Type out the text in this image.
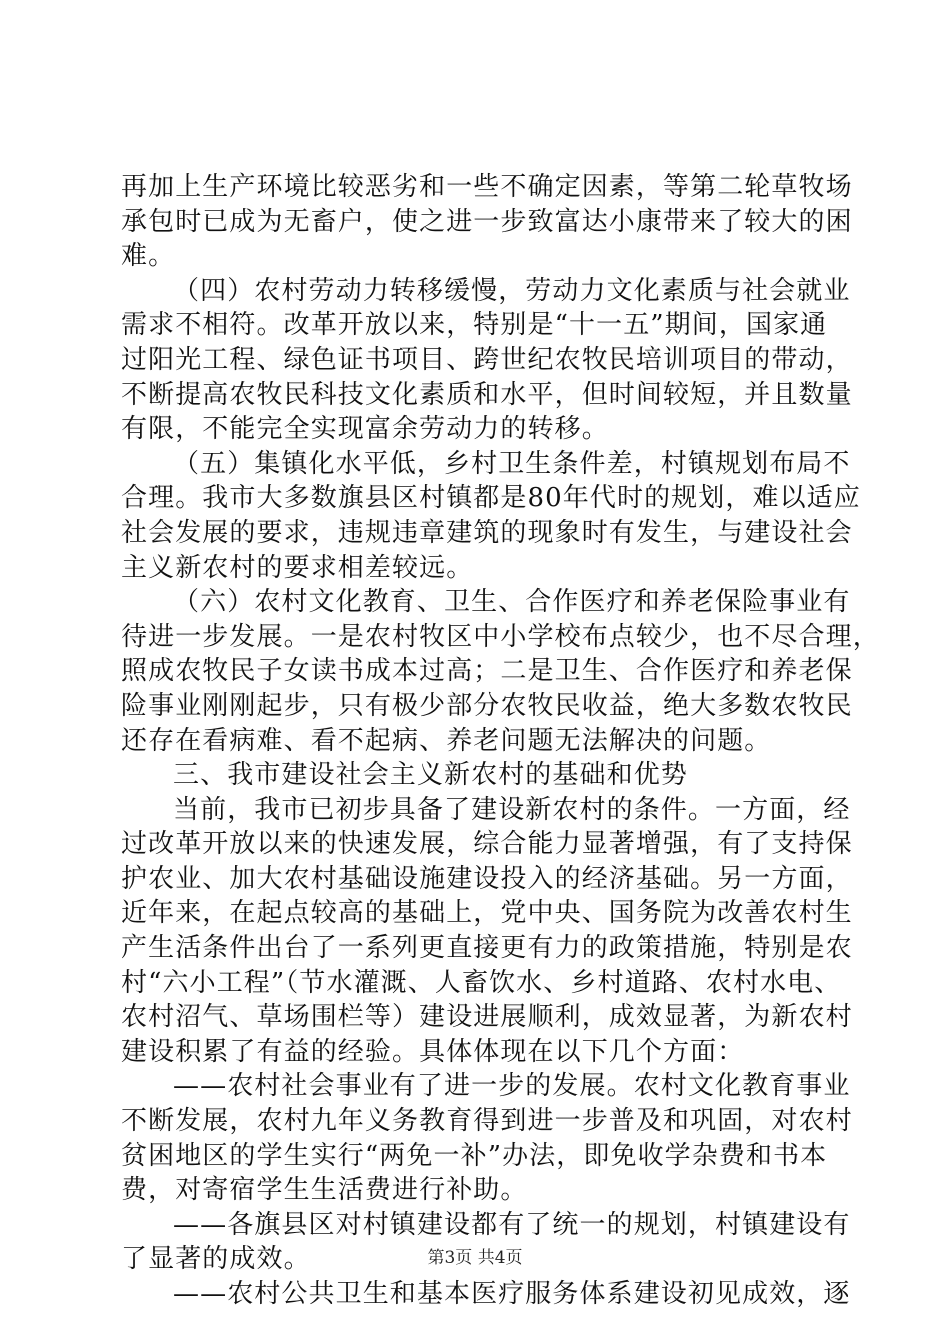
再加上生产环境比较恶劣和一些不确定因素，等第二轮草牧场
承包时已成为无畜户，使之进一步致富达小康带来了较大的困
难。
（四）农村劳动力转移缓慢，劳动力文化素质与社会就业
需求不相符。改革开放以来，特别是“十一五”期间，国家通
过阳光工程、绿色证书项目、跨世纪农牧民培训项目的带动，
不断提高农牧民科技文化素质和水平，但时间较短，并且数量
有限，不能完全实现富余劳动力的转移。
（五）集镇化水平低，乡村卫生条件差，村镇规划布局不
合理。我市大多数旗县区村镇都是80年代时的规划，难以适应
社会发展的要求，违规违章建筑的现象时有发生，与建设社会
主义新农村的要求相差较远。
（六）农村文化教育、卫生、合作医疗和养老保险事业有
待进一步发展。一是农村牧区中小学校布点较少，也不尽合理，
照成农牧民子女读书成本过高；二是卫生、合作医疗和养老保
险事业刚刚起步，只有极少部分农牧民收益，绝大多数农牧民
还存在看病难、看不起病、养老问题无法解决的问题。
三、我市建设社会主义新农村的基础和优势
当前，我市已初步具备了建设新农村的条件。一方面，经
过改革开放以来的快速发展，综合能力显著增强，有了支持保
护农业、加大农村基础设施建设投入的经济基础。另一方面，
近年来，在起点较高的基础上，党中央、国务院为改善农村生
产生活条件出台了一系列更直接更有力的政策措施，特别是农
村“六小工程”（节水灌溉、人畜饮水、乡村道路、农村水电、
农村沼气、草场围栏等）建设进展顺利，成效显著，为新农村
建设积累了有益的经验。具体体现在以下几个方面：
——农村社会事业有了进一步的发展。农村文化教育事业
不断发展，农村九年义务教育得到进一步普及和巩固，对农村
贫困地区的学生实行“两免一补”办法，即免收学杂费和书本
费，对寄宿学生生活费进行补助。
——各旗县区对村镇建设都有了统一的规划，村镇建设有
了显著的成效。
——农村公共卫生和基本医疗服务体系建设初见成效，逐
第3页 共4页
